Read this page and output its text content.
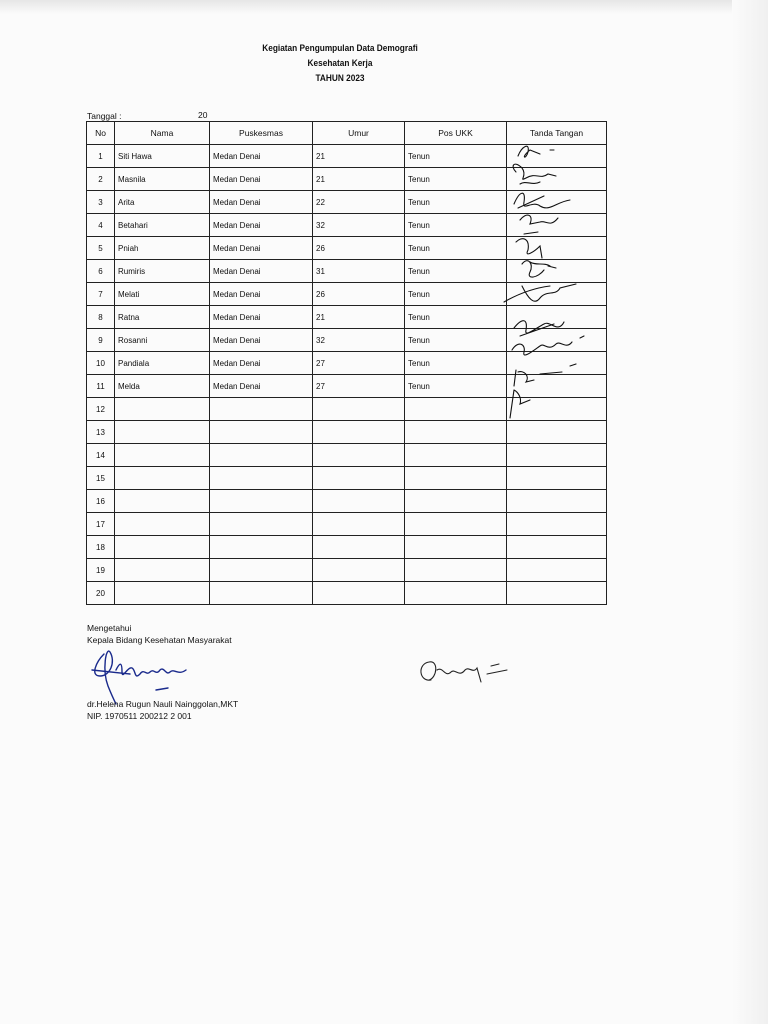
Kegiatan Pengumpulan Data Demografi
Kesehatan Kerja
TAHUN 2023
Tanggal :	20
No	Nama	Puskesmas	Umur	Pos UKK	Tanda Tangan
1	Siti Hawa	Medan Denai	21	Tenun	
2	Masnila	Medan Denai	21	Tenun	
3	Arita	Medan Denai	22	Tenun	
4	Betahari	Medan Denai	32	Tenun	
5	Pniah	Medan Denai	26	Tenun	
6	Rumiris	Medan Denai	31	Tenun	
7	Melati	Medan Denai	26	Tenun	
8	Ratna	Medan Denai	21	Tenun	
9	Rosanni	Medan Denai	32	Tenun	
10	Pandiala	Medan Denai	27	Tenun	
11	Melda	Medan Denai	27	Tenun	
12					
13					
14					
15					
16					
17					
18					
19					
20					
Mengetahui
Kepala Bidang Kesehatan Masyarakat
dr.Helena Rugun Nauli Nainggolan,MKT
NIP. 1970511 200212 2 001
